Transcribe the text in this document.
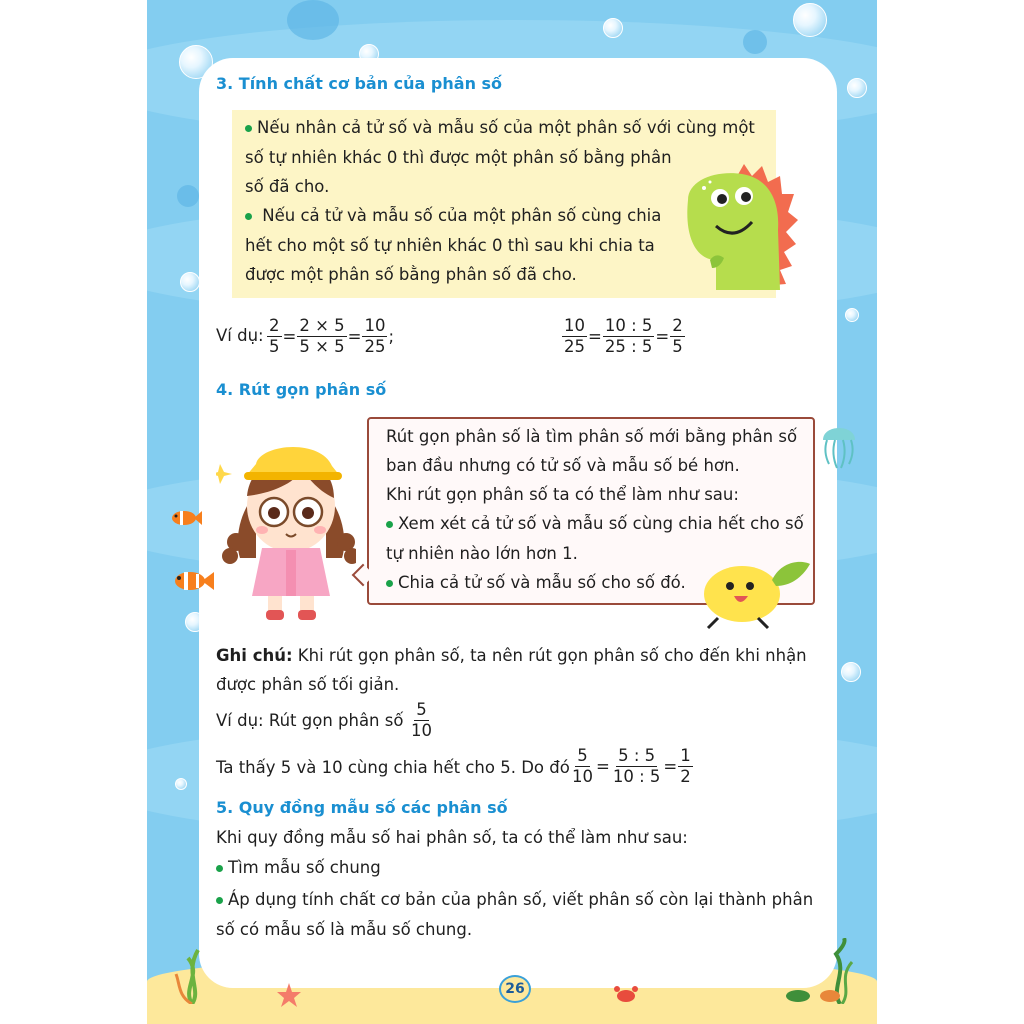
3. Tính chất cơ bản của phân số
Nếu nhân cả tử số và mẫu số của một phân số với cùng một
số tự nhiên khác 0 thì được một phân số bằng phân
số đã cho.
Nếu cả tử và mẫu số của một phân số cùng chia
hết cho một số tự nhiên khác 0 thì sau khi chia ta
được một phân số bằng phân số đã cho.
Ví dụ: $\frac{2}{5} = \frac{2 \times 5}{5 \times 5} = \frac{10}{25}$ ;	$\frac{10}{25} = \frac{10 : 5}{25 : 5} = \frac{2}{5}$
4. Rút gọn phân số
Rút gọn phân số là tìm phân số mới bằng phân số
ban đầu nhưng có tử số và mẫu số bé hơn.
Khi rút gọn phân số ta có thể làm như sau:
Xem xét cả tử số và mẫu số cùng chia hết cho số
tự nhiên nào lớn hơn 1.
Chia cả tử số và mẫu số cho số đó.
Ghi chú: Khi rút gọn phân số, ta nên rút gọn phân số cho đến khi nhận
được phân số tối giản.
Ví dụ: Rút gọn phân số $\frac{5}{10}$
Ta thấy 5 và 10 cùng chia hết cho 5. Do đó $\frac{5}{10} = \frac{5 : 5}{10 : 5} = \frac{1}{2}$
5. Quy đồng mẫu số các phân số
Khi quy đồng mẫu số hai phân số, ta có thể làm như sau:
Tìm mẫu số chung
Áp dụng tính chất cơ bản của phân số, viết phân số còn lại thành phân
số có mẫu số là mẫu số chung.
26
